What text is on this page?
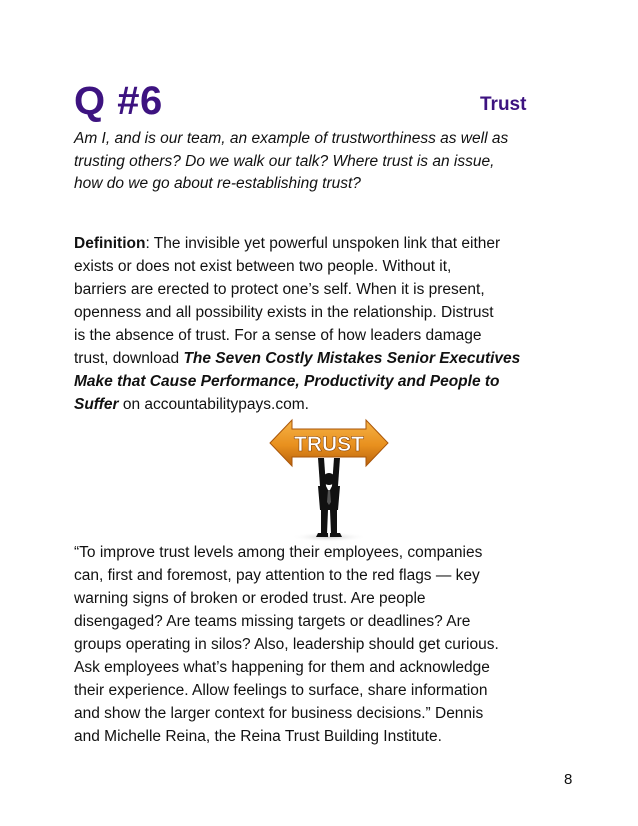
Q #6	Trust
Am I, and is our team, an example of trustworthiness as well as
trusting others? Do we walk our talk? Where trust is an issue,
how do we go about re-establishing trust?
Definition: The invisible yet powerful unspoken link that either
exists or does not exist between two people. Without it,
barriers are erected to protect one’s self. When it is present,
openness and all possibility exists in the relationship. Distrust
is the absence of trust. For a sense of how leaders damage
trust, download The Seven Costly Mistakes Senior Executives
Make that Cause Performance, Productivity and People to
Suffer on accountabilitypays.com.
TRUST
“To improve trust levels among their employees, companies
can, first and foremost, pay attention to the red flags — key
warning signs of broken or eroded trust. Are people
disengaged? Are teams missing targets or deadlines? Are
groups operating in silos? Also, leadership should get curious.
Ask employees what’s happening for them and acknowledge
their experience. Allow feelings to surface, share information
and show the larger context for business decisions.” Dennis
and Michelle Reina, the Reina Trust Building Institute.
8
